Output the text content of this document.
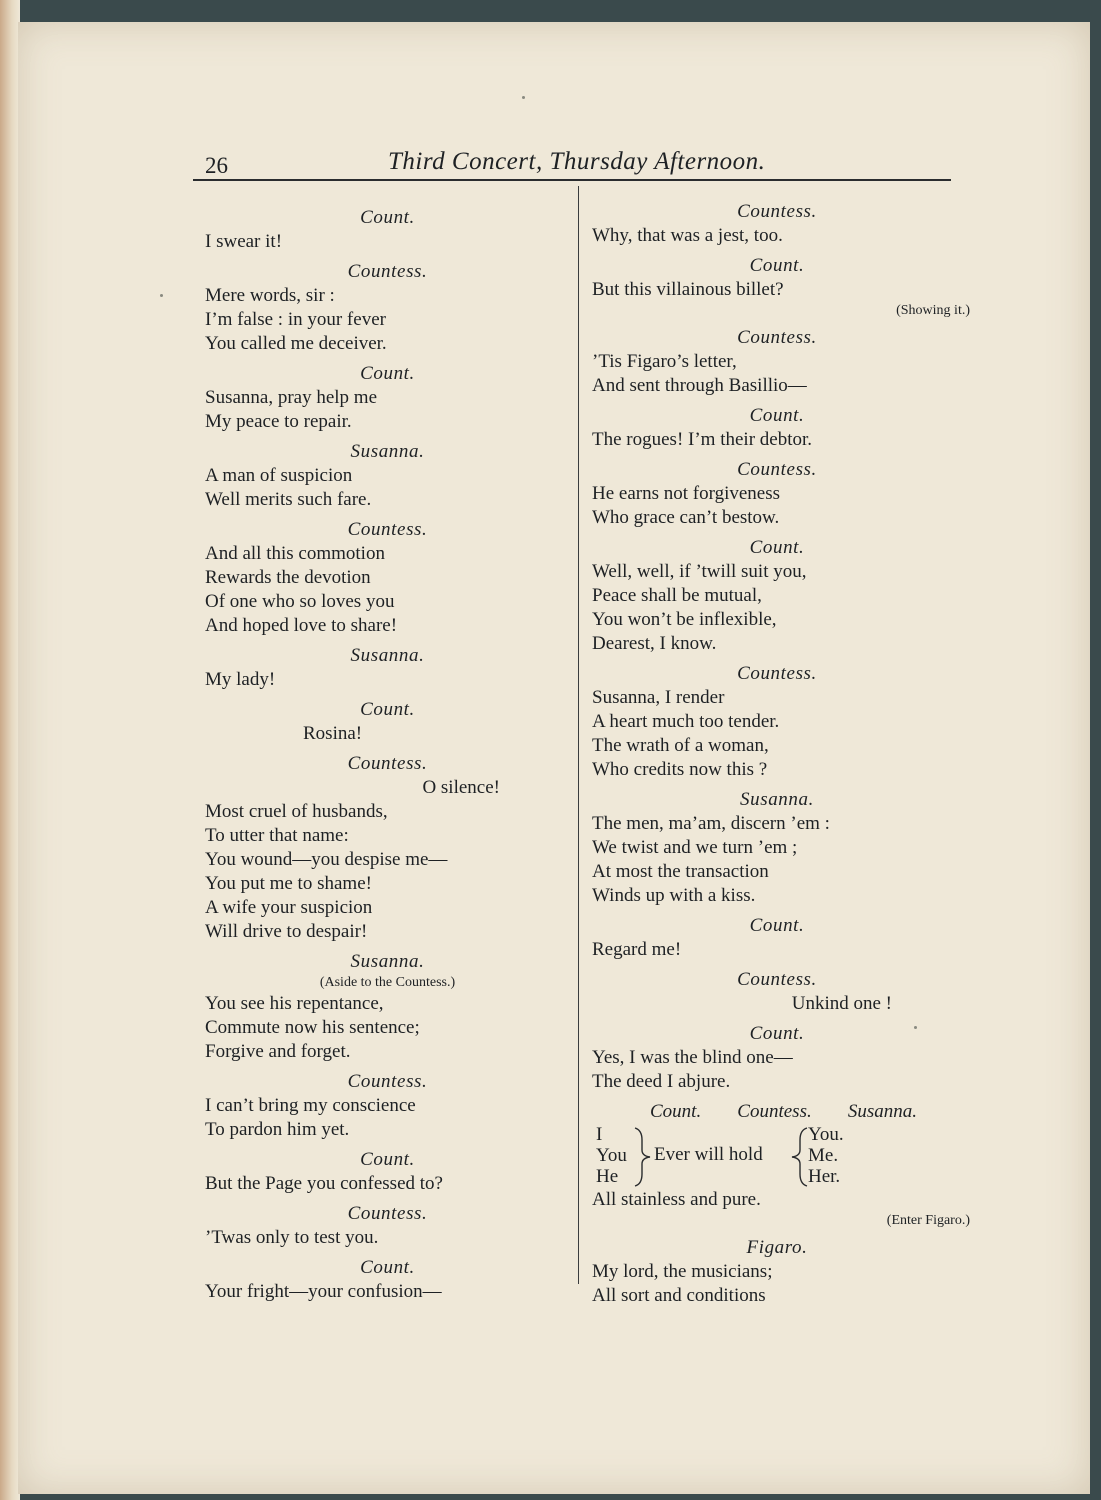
26	Third Concert, Thursday Afternoon.
Count.
I swear it!
Countess.
Mere words, sir :
I’m false : in your fever
You called me deceiver.
Count.
Susanna, pray help me
My peace to repair.
Susanna.
A man of suspicion
Well merits such fare.
Countess.
And all this commotion
Rewards the devotion
Of one who so loves you
And hoped love to share!
Susanna.
My lady!
Count.
Rosina!
Countess.
O silence!
Most cruel of husbands,
To utter that name:
You wound—you despise me—
You put me to shame!
A wife your suspicion
Will drive to despair!
Susanna.
(Aside to the Countess.)
You see his repentance,
Commute now his sentence;
Forgive and forget.
Countess.
I can’t bring my conscience
To pardon him yet.
Count.
But the Page you confessed to?
Countess.
’Twas only to test you.
Count.
Your fright—your confusion—
Countess.
Why, that was a jest, too.
Count.
But this villainous billet?
(Showing it.)
Countess.
’Tis Figaro’s letter,
And sent through Basillio—
Count.
The rogues! I’m their debtor.
Countess.
He earns not forgiveness
Who grace can’t bestow.
Count.
Well, well, if ’twill suit you,
Peace shall be mutual,
You won’t be inflexible,
Dearest, I know.
Countess.
Susanna, I render
A heart much too tender.
The wrath of a woman,
Who credits now this ?
Susanna.
The men, ma’am, discern ’em :
We twist and we turn ’em ;
At most the transaction
Winds up with a kiss.
Count.
Regard me!
Countess.
Unkind one !
Count.
Yes, I was the blind one—
The deed I abjure.
Count. Countess. Susanna.
I
You
He
Ever will hold
You.
Me.
Her.
All stainless and pure.
(Enter Figaro.)
Figaro.
My lord, the musicians;
All sort and conditions
